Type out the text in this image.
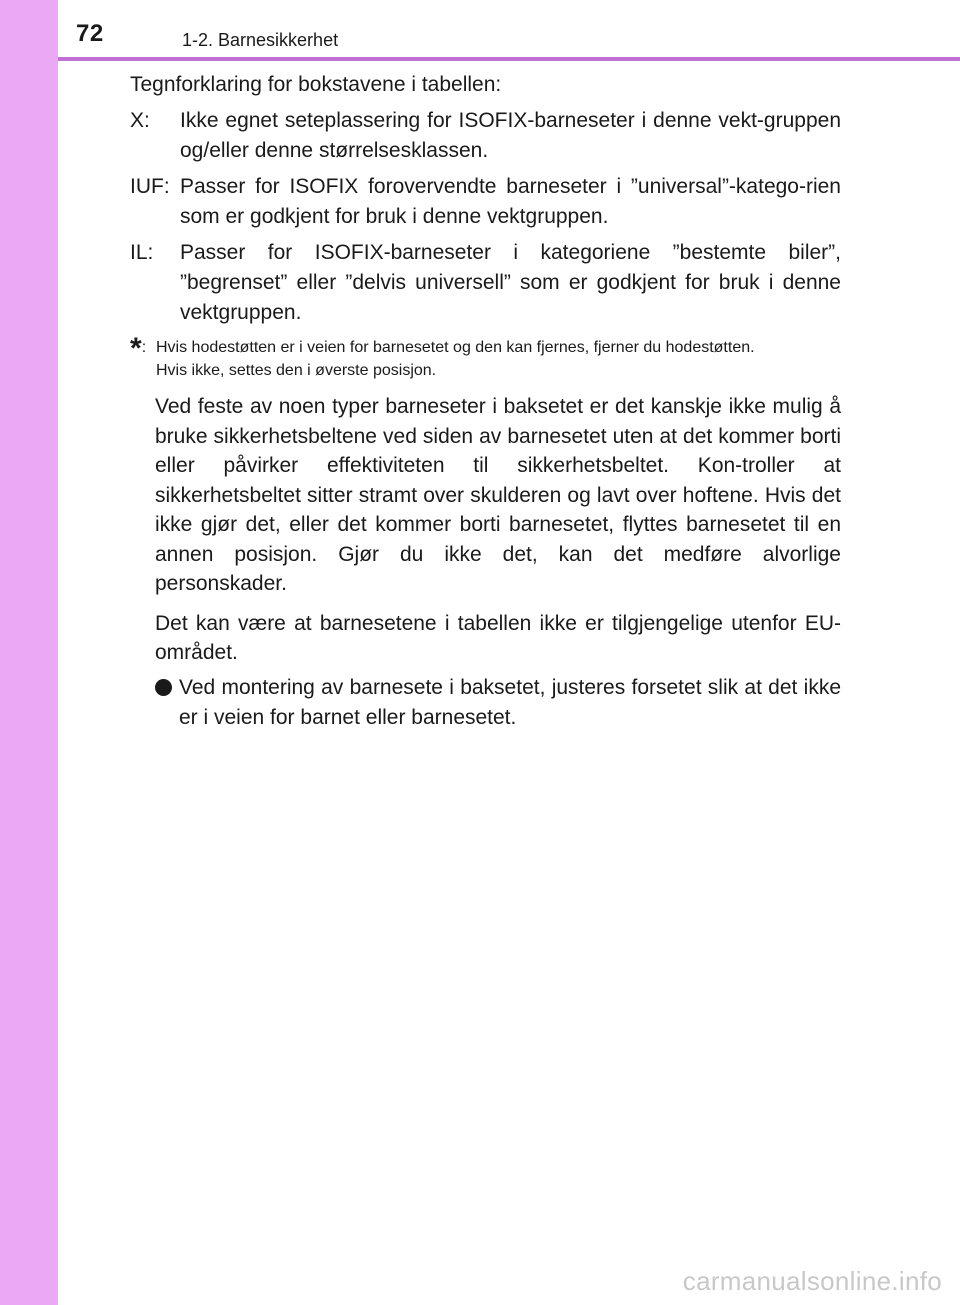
72	1-2. Barnesikkerhet

Tegnforklaring for bokstavene i tabellen:

X:	Ikke egnet seteplassering for ISOFIX-barneseter i denne vekt-gruppen og/eller denne størrelsesklassen.
IUF: Passer for ISOFIX forovervendte barneseter i ”universal”-katego-rien som er godkjent for bruk i denne vektgruppen.
IL:	Passer for ISOFIX-barneseter i kategoriene ”bestemte biler”, ”begrenset” eller ”delvis universell” som er godkjent for bruk i denne vektgruppen.
*: Hvis hodestøtten er i veien for barnesetet og den kan fjernes, fjerner du hodestøtten.
Hvis ikke, settes den i øverste posisjon.

Ved feste av noen typer barneseter i baksetet er det kanskje ikke mulig å bruke sikkerhetsbeltene ved siden av barnesetet uten at det kommer borti eller påvirker effektiviteten til sikkerhetsbeltet. Kon-troller at sikkerhetsbeltet sitter stramt over skulderen og lavt over hoftene. Hvis det ikke gjør det, eller det kommer borti barnesetet, flyttes barnesetet til en annen posisjon. Gjør du ikke det, kan det medføre alvorlige personskader.

Det kan være at barnesetene i tabellen ikke er tilgjengelige utenfor EU-området.

Ved montering av barnesete i baksetet, justeres forsetet slik at det ikke er i veien for barnet eller barnesetet.
carmanualsonline.info
